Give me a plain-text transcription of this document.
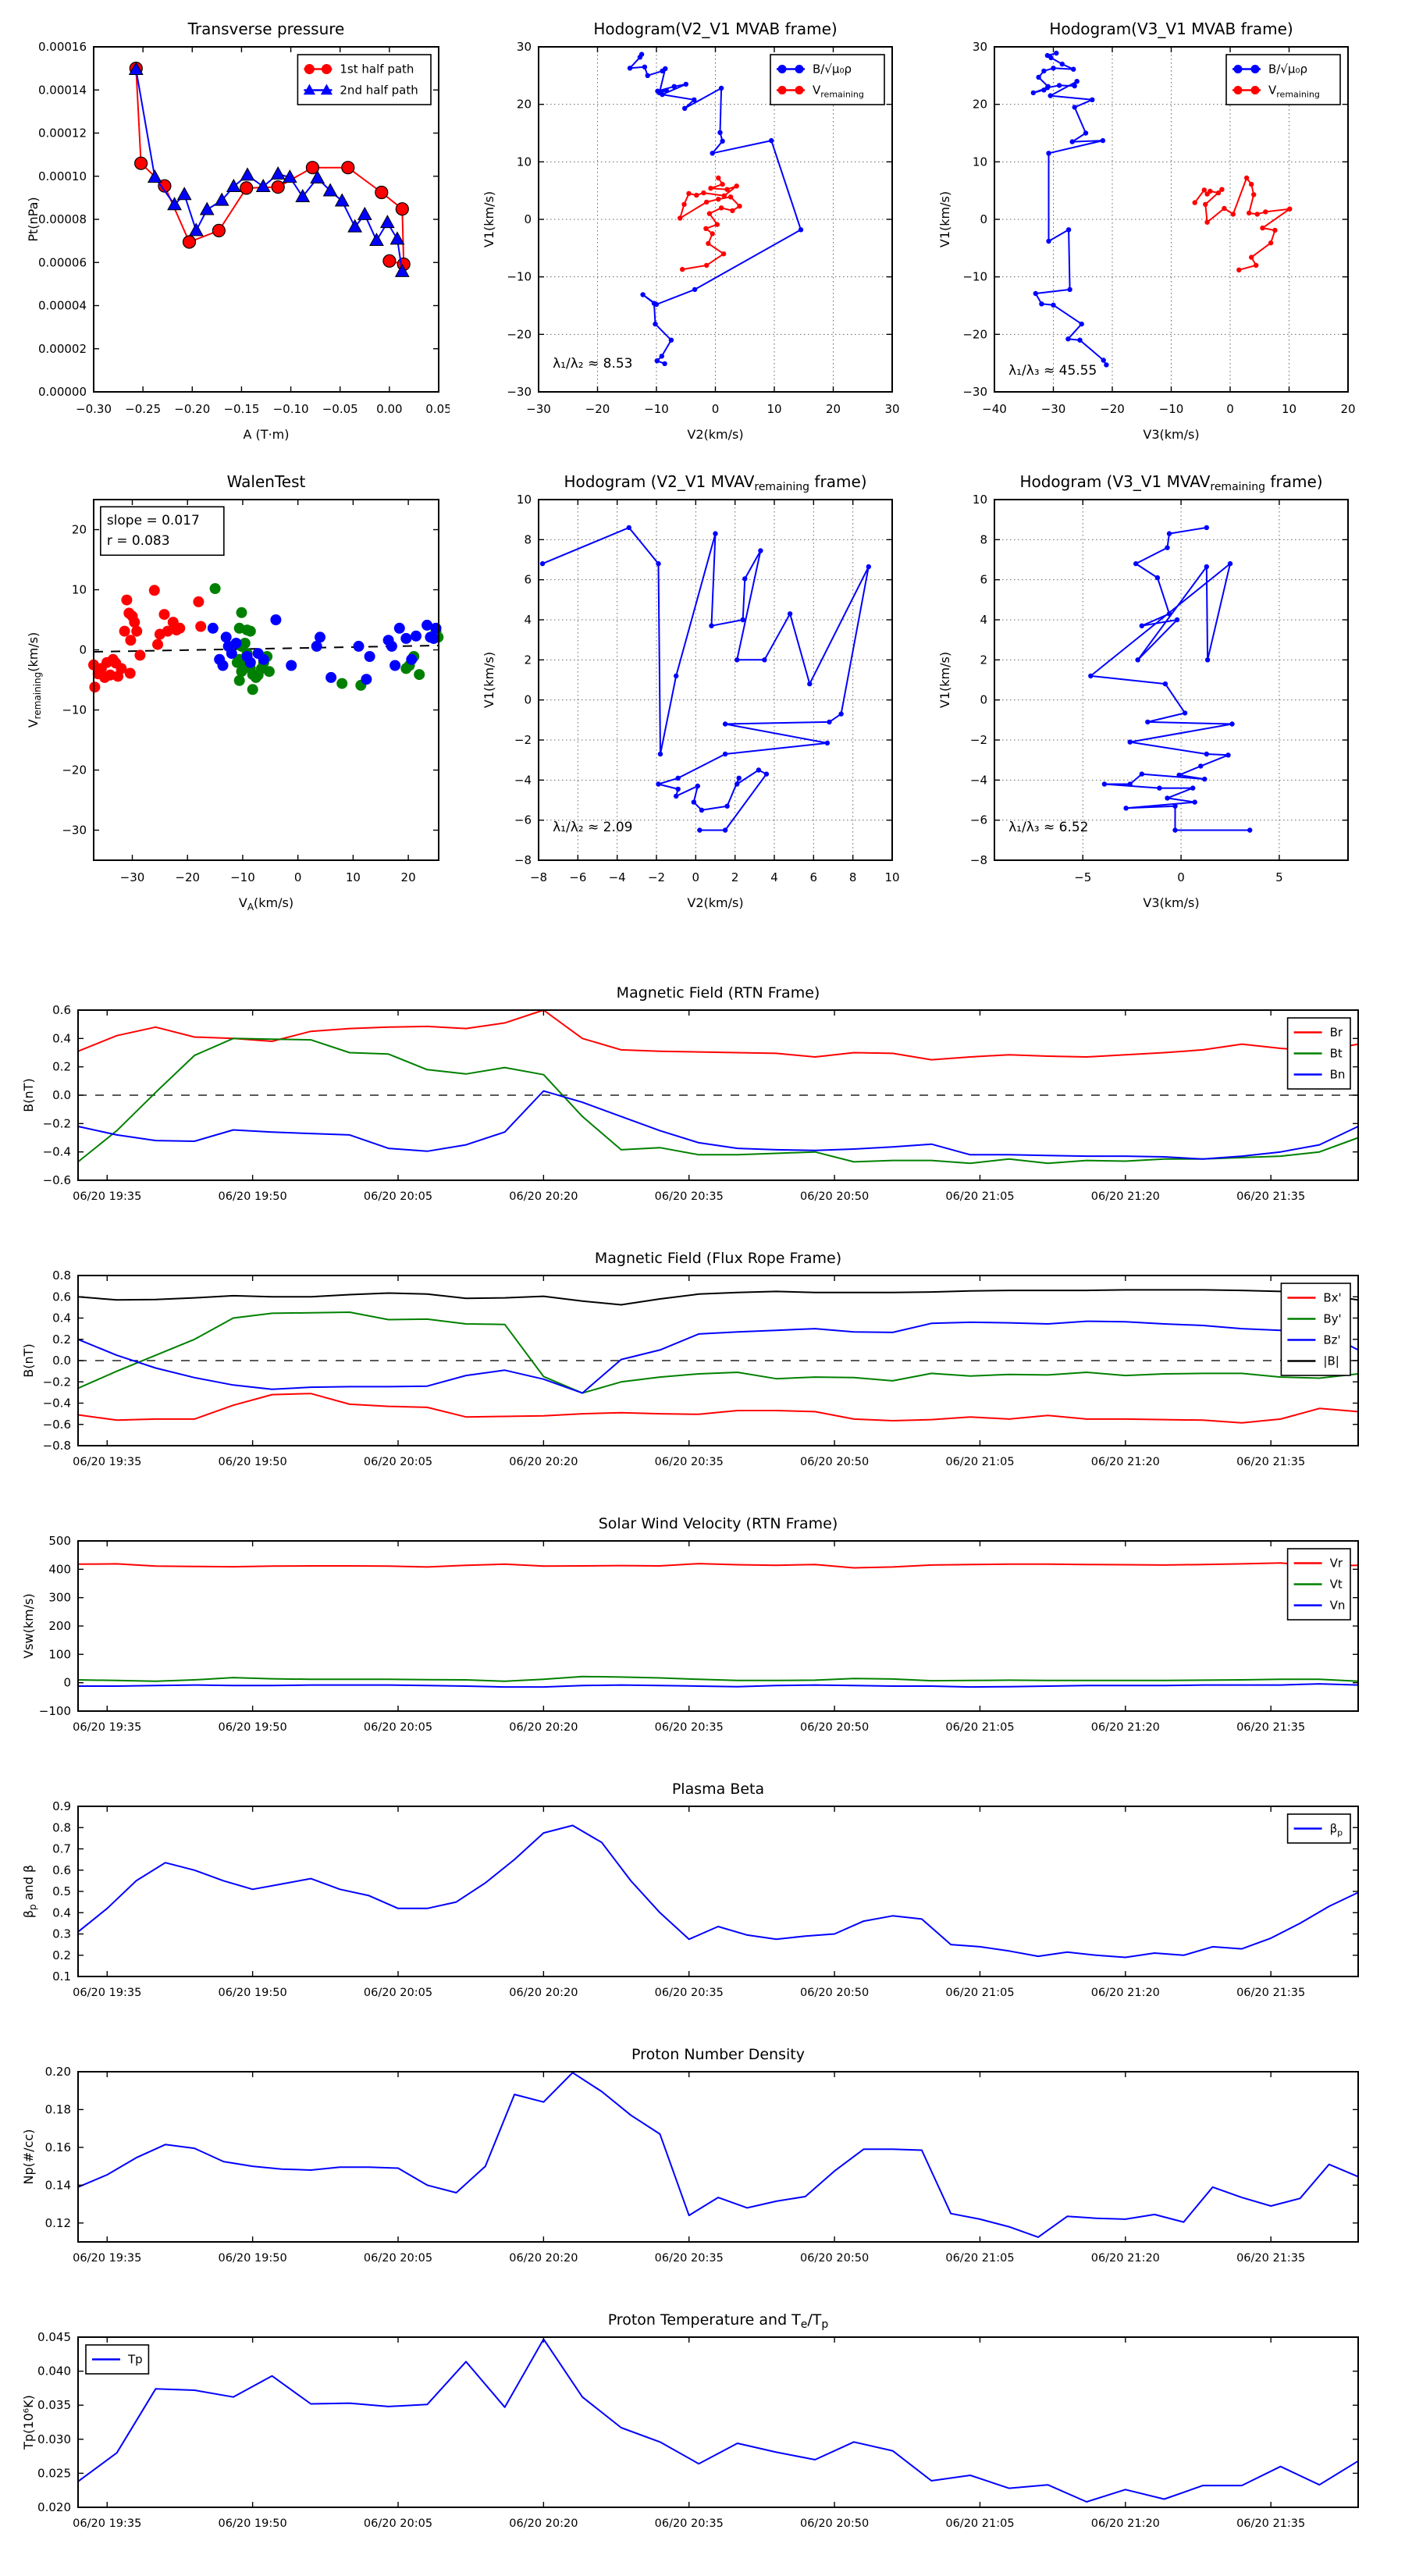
−0.30 −0.25 −0.20 −0.15 −0.10 −0.05 0.00 0.05
0.00000
0.00002
0.00004
0.00006
0.00008
0.00010
0.00012
0.00014
0.00016
Transverse pressure
A (T·m)
Pt(nPa)
1st half path
2nd half path
−30	−20	−10	0	10	20	30
−30
−20
−10
0
10
20
30
Hodogram(V2_V1 MVAB frame)
V2(km/s)
V1(km/s)
λ₁/λ₂ ≈ 8.53
B/√μ₀ρ
$V_{remaining}$
−40	−30	−20	−10	0	10	20
−30
−20
−10
0
10
20
30
Hodogram(V3_V1 MVAB frame)
V3(km/s)
V1(km/s)
λ₁/λ₃ ≈ 45.55
B/√μ₀ρ
$V_{remaining}$
−30	−20	−10	0	10	20
−30
−20
−10
0
10
20
WalenTest
$V_A(km/s)$
$V_{remaining}(km/s)$
slope = 0.017
r = 0.083
−8 −6 −4 −2 0	2	4	6	8 10
−8
−6
−4
−2
0
2
4
6
8
10
Hodogram (V2_V1 $MVAV_{remaining}$ frame)
V2(km/s)
V1(km/s)
λ₁/λ₂ ≈ 2.09
−5	0	5
−8
−6
−4
−2
0
2
4
6
8
10
Hodogram (V3_V1 $MVAV_{remaining}$ frame)
V3(km/s)
V1(km/s)
λ₁/λ₃ ≈ 6.52
06/20 19:35	06/20 19:50	06/20 20:05	06/20 20:20	06/20 20:35	06/20 20:50	06/20 21:05	06/20 21:20	06/20 21:35
−0.6
−0.4
−0.2
0.0
0.2
0.4
0.6
Magnetic Field (RTN Frame)
B(nT)
Br
Bt
Bn
06/20 19:35	06/20 19:50	06/20 20:05	06/20 20:20	06/20 20:35	06/20 20:50	06/20 21:05	06/20 21:20	06/20 21:35
−0.8
−0.6
−0.4
−0.2
0.0
0.2
0.4
0.6
0.8
Magnetic Field (Flux Rope Frame)
B(nT)
Bx'
By'
Bz'
|B|
06/20 19:35	06/20 19:50	06/20 20:05	06/20 20:20	06/20 20:35	06/20 20:50	06/20 21:05	06/20 21:20	06/20 21:35
−100
0
100
200
300
400
500
Solar Wind Velocity (RTN Frame)
Vsw(km/s)
Vr
Vt
Vn
06/20 19:35	06/20 19:50	06/20 20:05	06/20 20:20	06/20 20:35	06/20 20:50	06/20 21:05	06/20 21:20	06/20 21:35
0.1
0.2
0.3
0.4
0.5
0.6
0.7
0.8
0.9
Plasma Beta
$\beta_p$ and β
$\beta_p$
06/20 19:35	06/20 19:50	06/20 20:05	06/20 20:20	06/20 20:35	06/20 20:50	06/20 21:05	06/20 21:20	06/20 21:35
0.12
0.14
0.16
0.18
0.20
Proton Number Density
Np(#/cc)
06/20 19:35	06/20 19:50	06/20 20:05	06/20 20:20	06/20 20:35	06/20 20:50	06/20 21:05	06/20 21:20	06/20 21:35
0.020
0.025
0.030
0.035
0.040
0.045
Proton Temperature and $T_e/T_p$
Tp(10⁶K)
Tp
